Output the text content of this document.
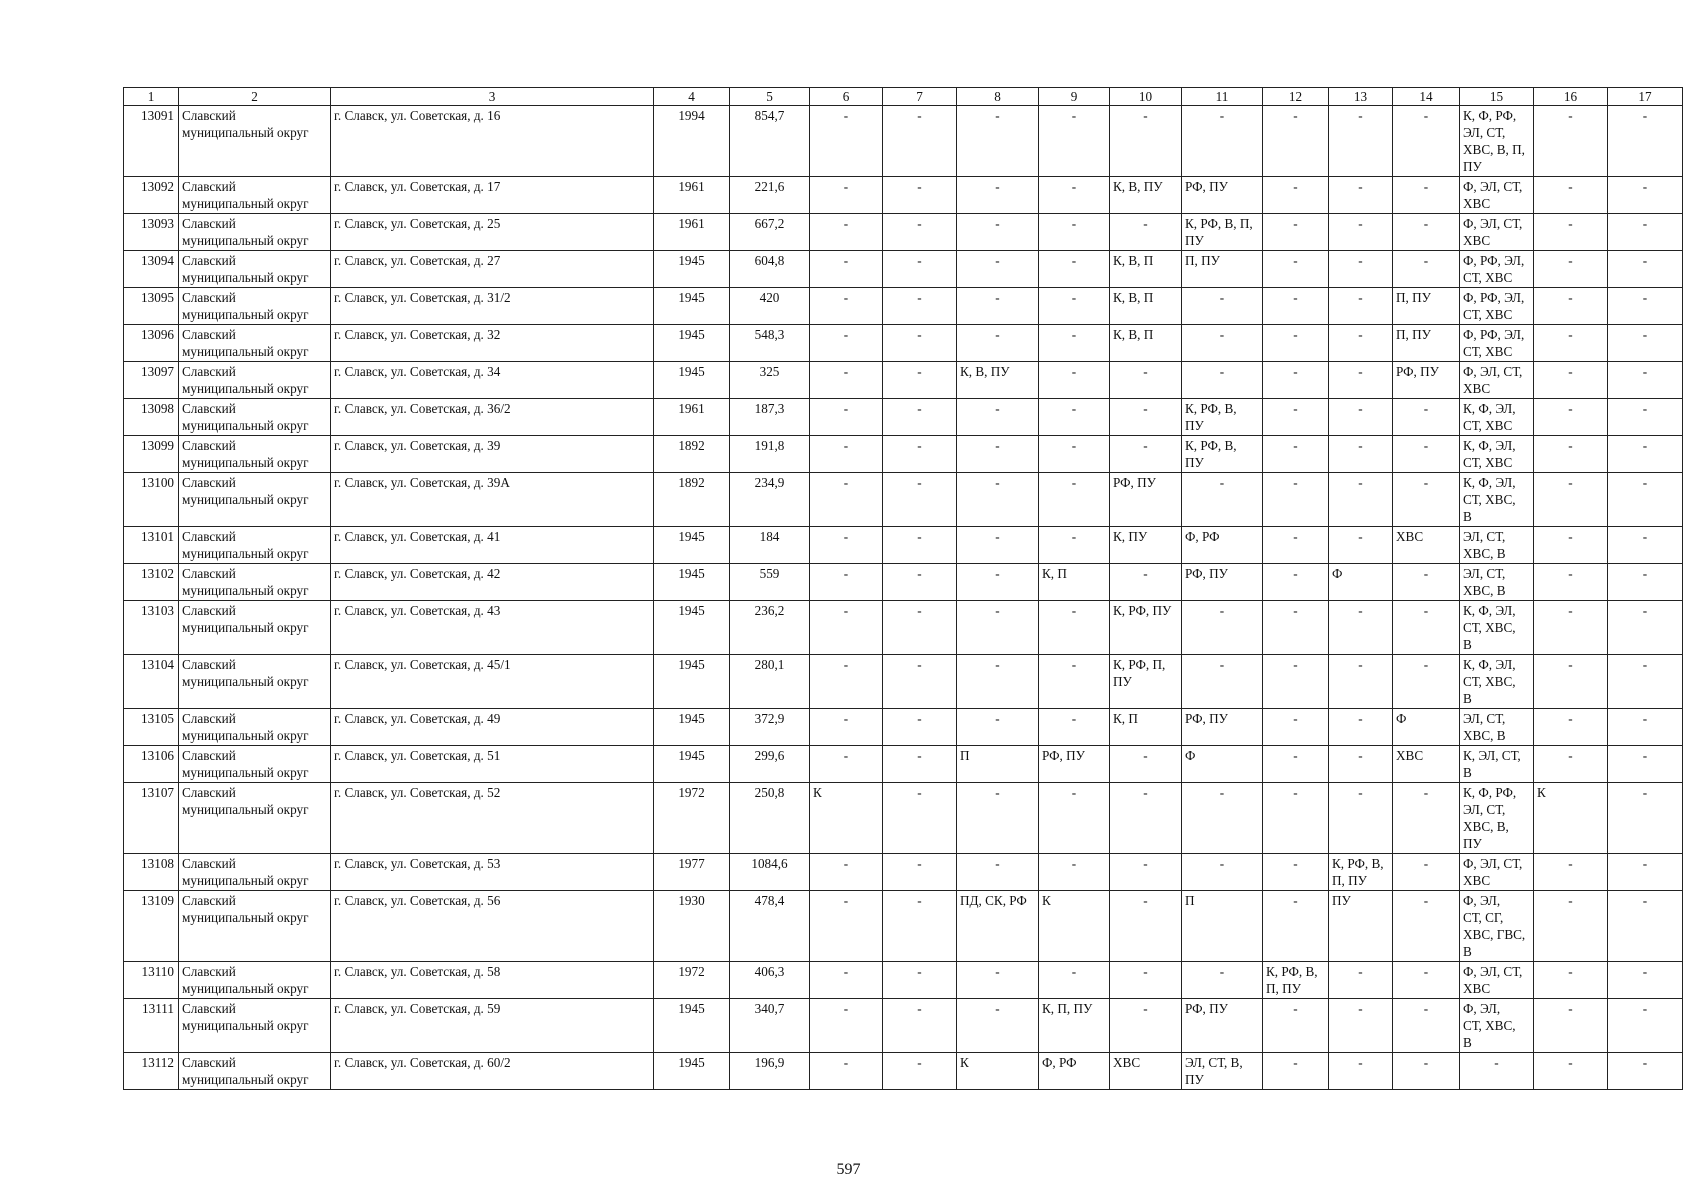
1	2	3	4	5	6	7	8	9	10	11	12	13	14	15	16	17
13091	Славский
муниципальный округ	г. Славск, ул. Советская, д. 16	1994	854,7	-	-	-	-	-	-	-	-	-	К, Ф, РФ,
ЭЛ, СТ,
ХВС, В, П,
ПУ	-	-
13092	Славский
муниципальный округ	г. Славск, ул. Советская, д. 17	1961	221,6	-	-	-	-	К, В, ПУ	РФ, ПУ	-	-	-	Ф, ЭЛ, СТ,
ХВС	-	-
13093	Славский
муниципальный округ	г. Славск, ул. Советская, д. 25	1961	667,2	-	-	-	-	-	К, РФ, В, П,
ПУ	-	-	-	Ф, ЭЛ, СТ,
ХВС	-	-
13094	Славский
муниципальный округ	г. Славск, ул. Советская, д. 27	1945	604,8	-	-	-	-	К, В, П	П, ПУ	-	-	-	Ф, РФ, ЭЛ,
СТ, ХВС	-	-
13095	Славский
муниципальный округ	г. Славск, ул. Советская, д. 31/2	1945	420	-	-	-	-	К, В, П	-	-	-	П, ПУ	Ф, РФ, ЭЛ,
СТ, ХВС	-	-
13096	Славский
муниципальный округ	г. Славск, ул. Советская, д. 32	1945	548,3	-	-	-	-	К, В, П	-	-	-	П, ПУ	Ф, РФ, ЭЛ,
СТ, ХВС	-	-
13097	Славский
муниципальный округ	г. Славск, ул. Советская, д. 34	1945	325	-	-	К, В, ПУ	-	-	-	-	-	РФ, ПУ	Ф, ЭЛ, СТ,
ХВС	-	-
13098	Славский
муниципальный округ	г. Славск, ул. Советская, д. 36/2	1961	187,3	-	-	-	-	-	К, РФ, В,
ПУ	-	-	-	К, Ф, ЭЛ,
СТ, ХВС	-	-
13099	Славский
муниципальный округ	г. Славск, ул. Советская, д. 39	1892	191,8	-	-	-	-	-	К, РФ, В,
ПУ	-	-	-	К, Ф, ЭЛ,
СТ, ХВС	-	-
13100	Славский
муниципальный округ	г. Славск, ул. Советская, д. 39А	1892	234,9	-	-	-	-	РФ, ПУ	-	-	-	-	К, Ф, ЭЛ,
СТ, ХВС,
В	-	-
13101	Славский
муниципальный округ	г. Славск, ул. Советская, д. 41	1945	184	-	-	-	-	К, ПУ	Ф, РФ	-	-	ХВС	ЭЛ, СТ,
ХВС, В	-	-
13102	Славский
муниципальный округ	г. Славск, ул. Советская, д. 42	1945	559	-	-	-	К, П	-	РФ, ПУ	-	Ф	-	ЭЛ, СТ,
ХВС, В	-	-
13103	Славский
муниципальный округ	г. Славск, ул. Советская, д. 43	1945	236,2	-	-	-	-	К, РФ, ПУ	-	-	-	-	К, Ф, ЭЛ,
СТ, ХВС,
В	-	-
13104	Славский
муниципальный округ	г. Славск, ул. Советская, д. 45/1	1945	280,1	-	-	-	-	К, РФ, П,
ПУ	-	-	-	-	К, Ф, ЭЛ,
СТ, ХВС,
В	-	-
13105	Славский
муниципальный округ	г. Славск, ул. Советская, д. 49	1945	372,9	-	-	-	-	К, П	РФ, ПУ	-	-	Ф	ЭЛ, СТ,
ХВС, В	-	-
13106	Славский
муниципальный округ	г. Славск, ул. Советская, д. 51	1945	299,6	-	-	П	РФ, ПУ	-	Ф	-	-	ХВС	К, ЭЛ, СТ,
В	-	-
13107	Славский
муниципальный округ	г. Славск, ул. Советская, д. 52	1972	250,8	К	-	-	-	-	-	-	-	-	К, Ф, РФ,
ЭЛ, СТ,
ХВС, В,
ПУ	К	-
13108	Славский
муниципальный округ	г. Славск, ул. Советская, д. 53	1977	1084,6	-	-	-	-	-	-	-	К, РФ, В,
П, ПУ	-	Ф, ЭЛ, СТ,
ХВС	-	-
13109	Славский
муниципальный округ	г. Славск, ул. Советская, д. 56	1930	478,4	-	-	ПД, СК, РФ	К	-	П	-	ПУ	-	Ф, ЭЛ,
СТ, СГ,
ХВС, ГВС,
В	-	-
13110	Славский
муниципальный округ	г. Славск, ул. Советская, д. 58	1972	406,3	-	-	-	-	-	-	К, РФ, В,
П, ПУ	-	-	Ф, ЭЛ, СТ,
ХВС	-	-
13111	Славский
муниципальный округ	г. Славск, ул. Советская, д. 59	1945	340,7	-	-	-	К, П, ПУ	-	РФ, ПУ	-	-	-	Ф, ЭЛ,
СТ, ХВС,
В	-	-
13112	Славский
муниципальный округ	г. Славск, ул. Советская, д. 60/2	1945	196,9	-	-	К	Ф, РФ	ХВС	ЭЛ, СТ, В,
ПУ	-	-	-	-	-	-
597
